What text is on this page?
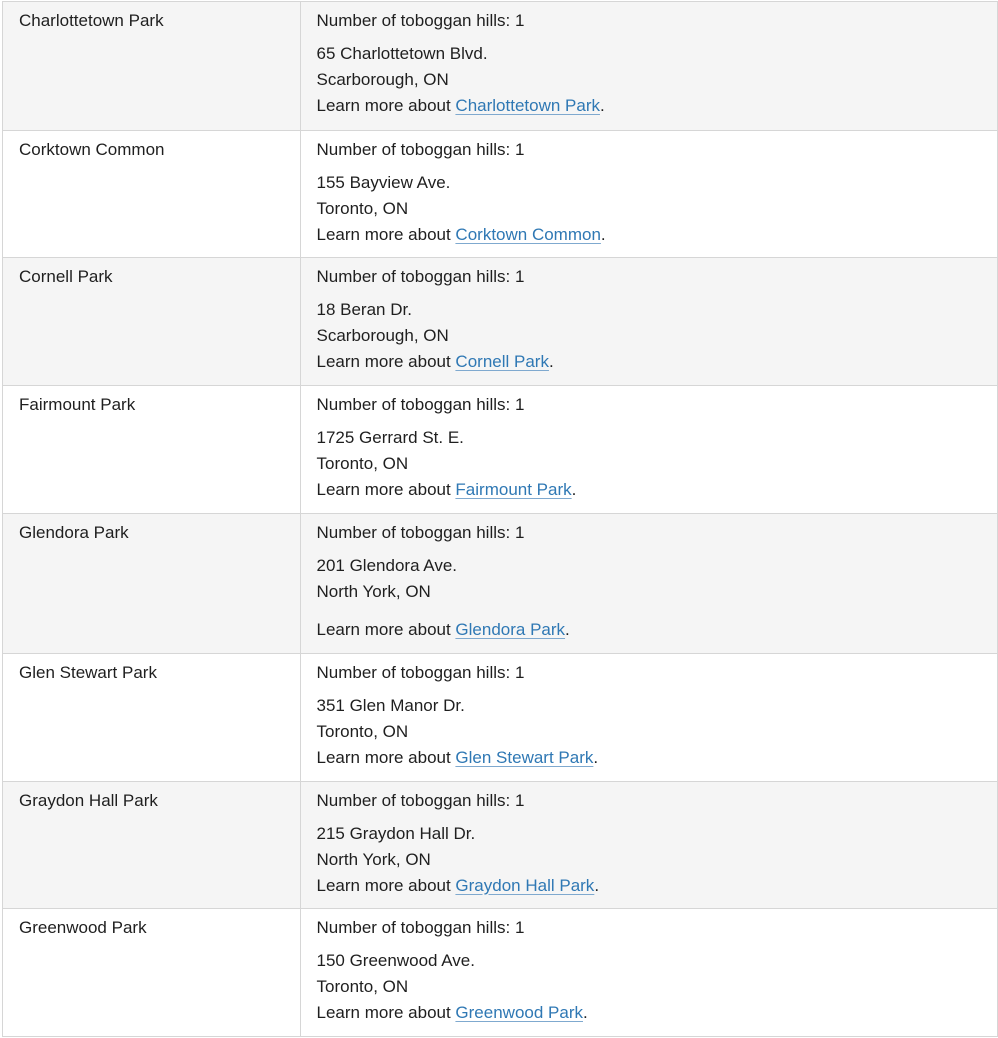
Charlottetown Park	Number of toboggan hills: 1
65 Charlottetown Blvd.
Scarborough, ON
Learn more about Charlottetown Park.

Corktown Common	Number of toboggan hills: 1
155 Bayview Ave.
Toronto, ON
Learn more about Corktown Common.

Cornell Park	Number of toboggan hills: 1
18 Beran Dr.
Scarborough, ON
Learn more about Cornell Park.

Fairmount Park	Number of toboggan hills: 1
1725 Gerrard St. E.
Toronto, ON
Learn more about Fairmount Park.

Glendora Park	Number of toboggan hills: 1
201 Glendora Ave.
North York, ON
Learn more about Glendora Park.

Glen Stewart Park	Number of toboggan hills: 1
351 Glen Manor Dr.
Toronto, ON
Learn more about Glen Stewart Park.

Graydon Hall Park	Number of toboggan hills: 1
215 Graydon Hall Dr.
North York, ON
Learn more about Graydon Hall Park.

Greenwood Park	Number of toboggan hills: 1
150 Greenwood Ave.
Toronto, ON
Learn more about Greenwood Park.
